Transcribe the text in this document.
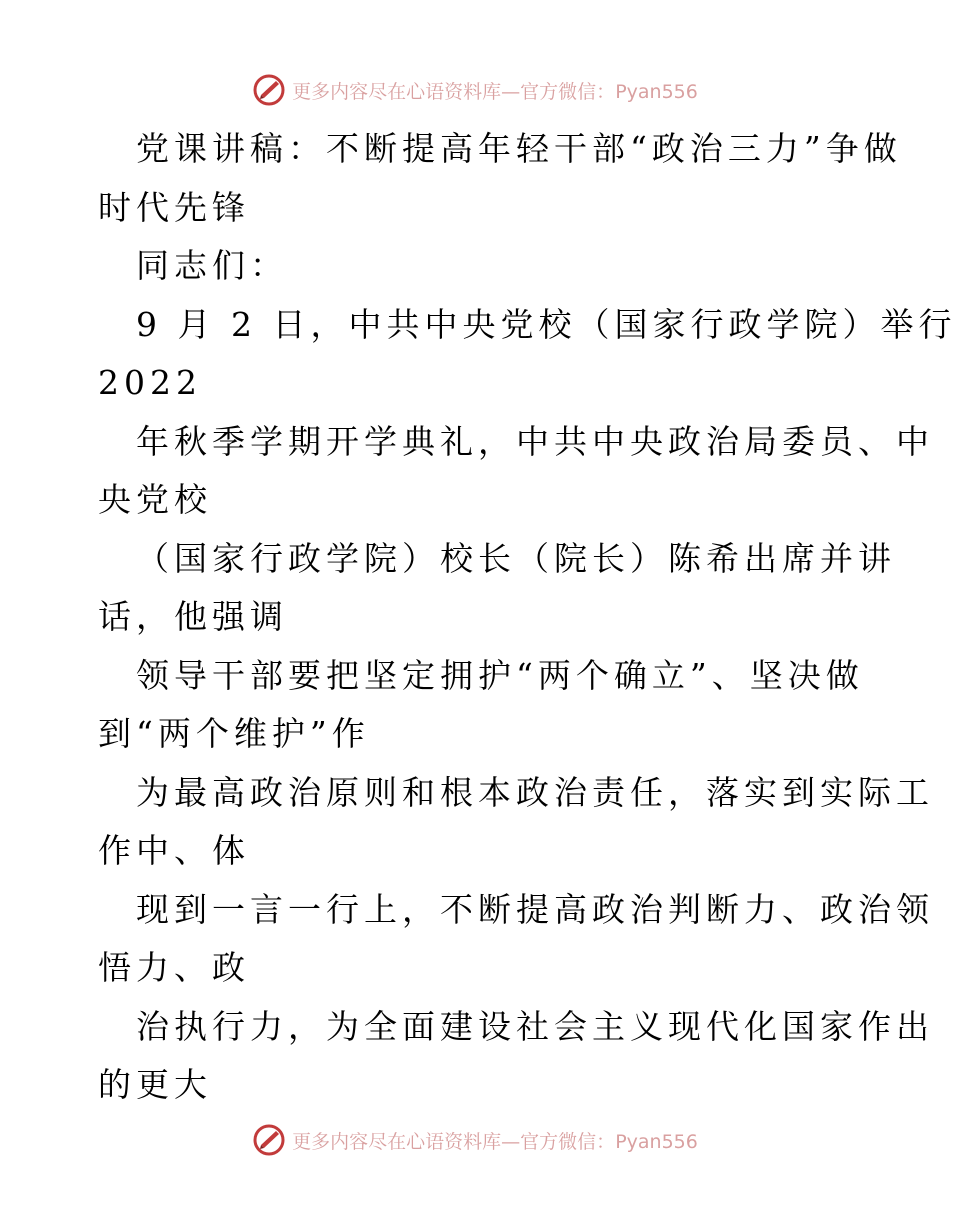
更多内容尽在心语资料库—官方微信：Pyan556
党课讲稿：不断提高年轻干部“政治三力”争做
时代先锋
同志们：
9 月 2 日，中共中央党校（国家行政学院）举行
2022
年秋季学期开学典礼，中共中央政治局委员、中
央党校
（国家行政学院）校长（院长）陈希出席并讲
话，他强调
领导干部要把坚定拥护“两个确立”、坚决做
到“两个维护”作
为最高政治原则和根本政治责任，落实到实际工
作中、体
现到一言一行上，不断提高政治判断力、政治领
悟力、政
治执行力，为全面建设社会主义现代化国家作出
的更大
更多内容尽在心语资料库—官方微信：Pyan556
